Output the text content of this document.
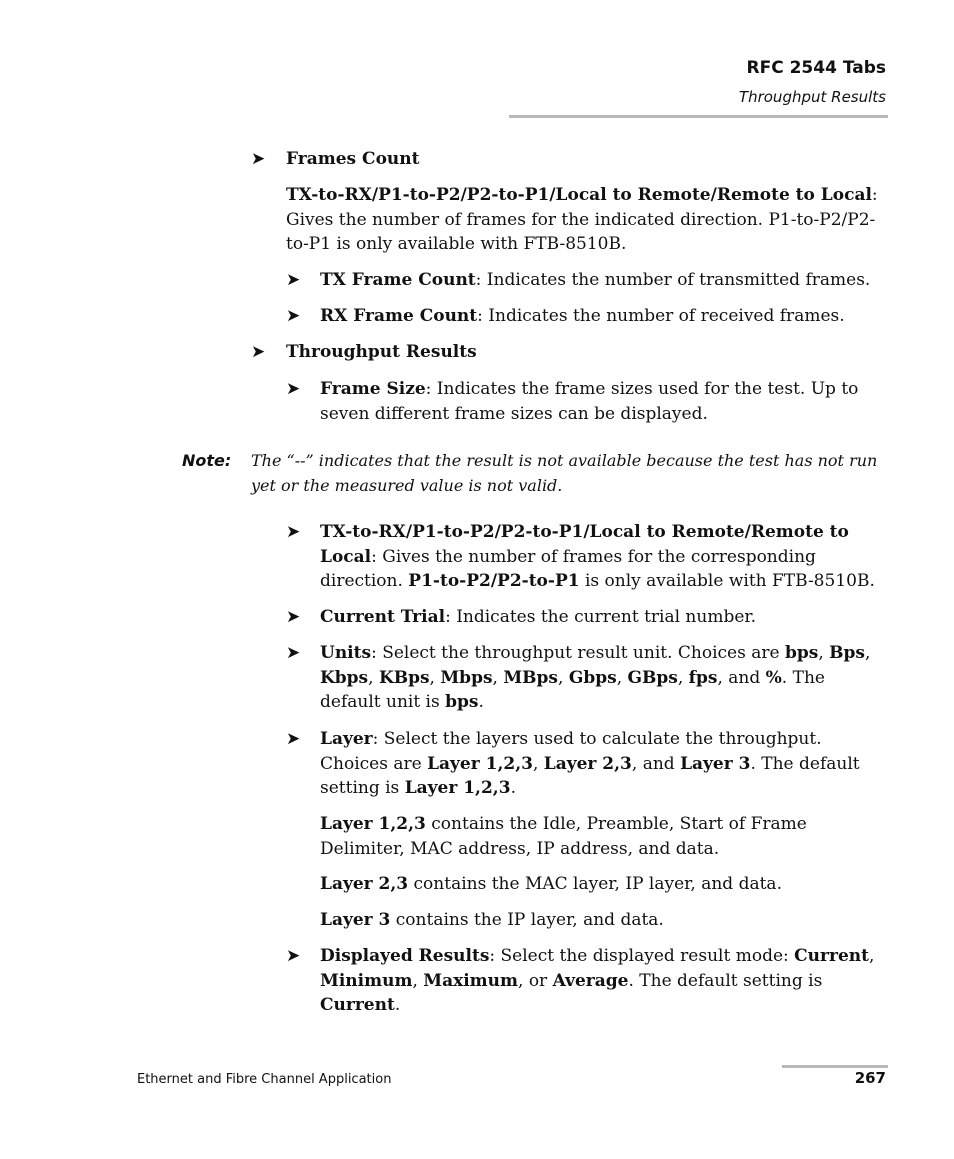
RFC 2544 Tabs
Throughput Results
➤ Frames Count
TX-to-RX/P1-to-P2/P2-to-P1/Local to Remote/Remote to Local: Gives the number of frames for the indicated direction. P1-to-P2/P2-to-P1 is only available with FTB-8510B.
➤ TX Frame Count: Indicates the number of transmitted frames.
➤ RX Frame Count: Indicates the number of received frames.
➤ Throughput Results
➤ Frame Size: Indicates the frame sizes used for the test. Up to seven different frame sizes can be displayed.
Note: The “--” indicates that the result is not available because the test has not run yet or the measured value is not valid.
➤ TX-to-RX/P1-to-P2/P2-to-P1/Local to Remote/Remote to Local: Gives the number of frames for the corresponding direction. P1-to-P2/P2-to-P1 is only available with FTB-8510B.
➤ Current Trial: Indicates the current trial number.
➤ Units: Select the throughput result unit. Choices are bps, Bps, Kbps, KBps, Mbps, MBps, Gbps, GBps, fps, and %. The default unit is bps.
➤ Layer: Select the layers used to calculate the throughput. Choices are Layer 1,2,3, Layer 2,3, and Layer 3. The default setting is Layer 1,2,3.
Layer 1,2,3 contains the Idle, Preamble, Start of Frame Delimiter, MAC address, IP address, and data.
Layer 2,3 contains the MAC layer, IP layer, and data.
Layer 3 contains the IP layer, and data.
➤ Displayed Results: Select the displayed result mode: Current, Minimum, Maximum, or Average. The default setting is Current.
Ethernet and Fibre Channel Application	267
